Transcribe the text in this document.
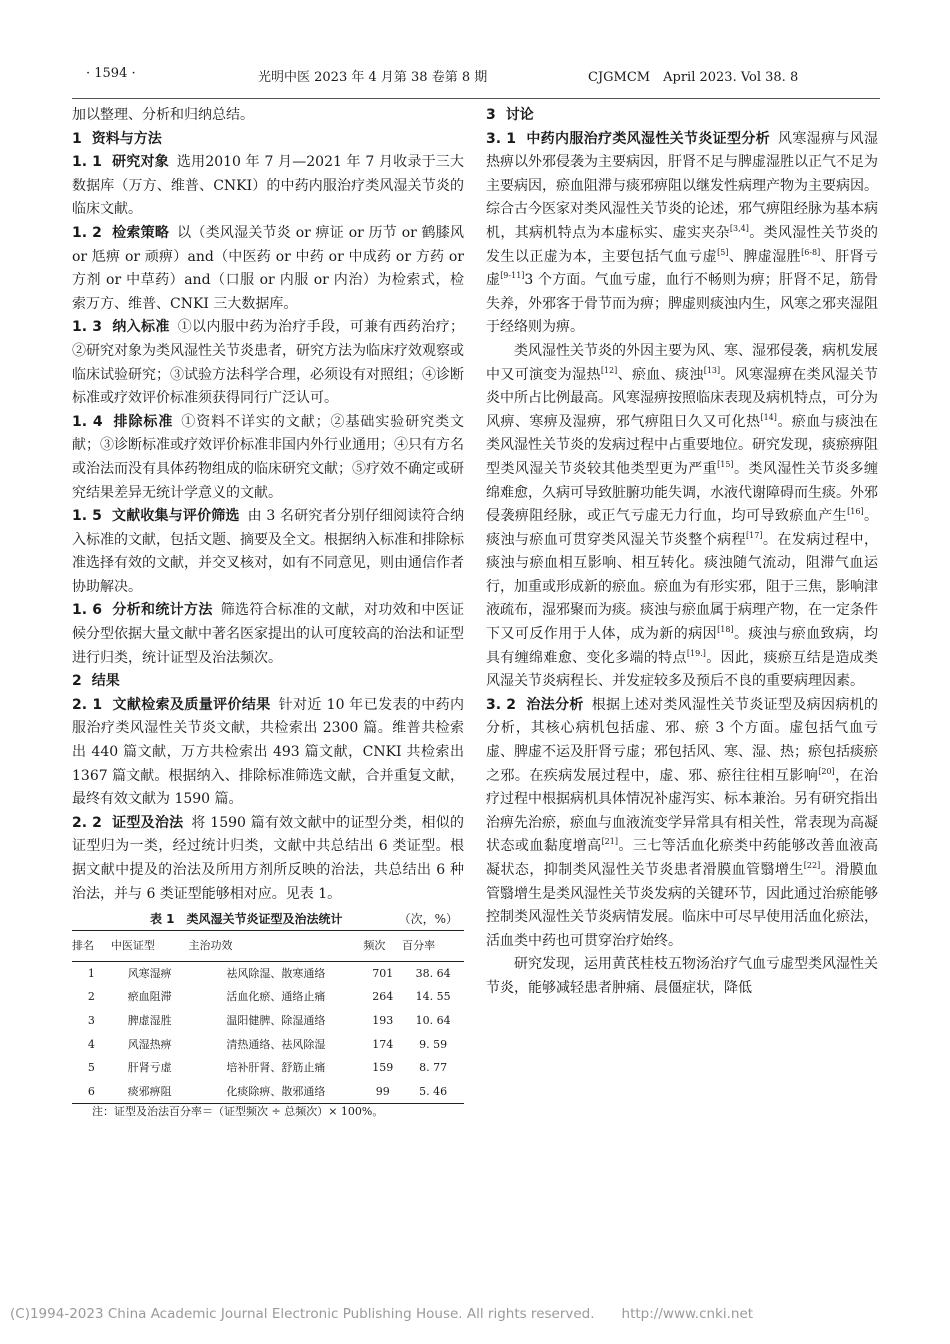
· 1594 ·	光明中医 2023 年 4 月第 38 卷第 8 期	CJGMCM　April 2023. Vol 38. 8

加以整理、分析和归纳总结。

1 资料与方法

1. 1 研究对象 选用2010 年 7 月—2021 年 7 月收录于三大数据库（万方、维普、CNKI）的中药内服治疗类风湿关节炎的临床文献。

1. 2 检索策略 以（类风湿关节炎 or 痹证 or 历节 or 鹤膝风 or 尪痹 or 顽痹）and（中医药 or 中药 or 中成药 or 方药 or 方剂 or 中草药）and（口服 or 内服 or 内治）为检索式，检索万方、维普、CNKI 三大数据库。

1. 3 纳入标准 ①以内服中药为治疗手段，可兼有西药治疗；②研究对象为类风湿性关节炎患者，研究方法为临床疗效观察或临床试验研究；③试验方法科学合理，必须设有对照组；④诊断标准或疗效评价标准须获得同行广泛认可。

1. 4 排除标准 ①资料不详实的文献；②基础实验研究类文献；③诊断标准或疗效评价标准非国内外行业通用；④只有方名或治法而没有具体药物组成的临床研究文献；⑤疗效不确定或研究结果差异无统计学意义的文献。

1. 5 文献收集与评价筛选 由 3 名研究者分别仔细阅读符合纳入标准的文献，包括文题、摘要及全文。根据纳入标准和排除标准选择有效的文献，并交叉核对，如有不同意见，则由通信作者协助解决。

1. 6 分析和统计方法 筛选符合标准的文献，对功效和中医证候分型依据大量文献中著名医家提出的认可度较高的治法和证型进行归类，统计证型及治法频次。

2 结果

2. 1 文献检索及质量评价结果 针对近 10 年已发表的中药内服治疗类风湿性关节炎文献，共检索出 2300 篇。维普共检索出 440 篇文献，万方共检索出 493 篇文献，CNKI 共检索出 1367 篇文献。根据纳入、排除标准筛选文献，合并重复文献，最终有效文献为 1590 篇。

2. 2 证型及治法 将 1590 篇有效文献中的证型分类，相似的证型归为一类，经过统计归类，文献中共总结出 6 类证型。根据文献中提及的治法及所用方剂所反映的治法，共总结出 6 种治法，并与 6 类证型能够相对应。见表 1。

表 1　类风湿关节炎证型及治法统计	（次，%）
排名	中医证型	主治功效	频次	百分率
1	风寒湿痹	祛风除湿、散寒通络	701	38. 64
2	瘀血阻滞	活血化瘀、通络止痛	264	14. 55
3	脾虚湿胜	温阳健脾、除湿通络	193	10. 64
4	风湿热痹	清热通络、祛风除湿	174	9. 59
5	肝肾亏虚	培补肝肾、舒筋止痛	159	8. 77
6	痰邪痹阻	化痰除痹、散邪通络	99	5. 46

注：证型及治法百分率＝（证型频次 ÷ 总频次）× 100%。

3 讨论

3. 1 中药内服治疗类风湿性关节炎证型分析 风寒湿痹与风湿热痹以外邪侵袭为主要病因，肝肾不足与脾虚湿胜以正气不足为主要病因，瘀血阻滞与痰邪痹阻以继发性病理产物为主要病因。综合古今医家对类风湿性关节炎的论述，邪气痹阻经脉为基本病机，其病机特点为本虚标实、虚实夹杂[3,4]。类风湿性关节炎的发生以正虚为本，主要包括气血亏虚[5]、脾虚湿胜[6-8]、肝肾亏虚[9-11]3 个方面。气血亏虚，血行不畅则为痹；肝肾不足，筋骨失养，外邪客于骨节而为痹；脾虚则痰浊内生，风寒之邪夹湿阻于经络则为痹。

类风湿性关节炎的外因主要为风、寒、湿邪侵袭，病机发展中又可演变为湿热[12]、瘀血、痰浊[13]。风寒湿痹在类风湿关节炎中所占比例最高。风寒湿痹按照临床表现及病机特点，可分为风痹、寒痹及湿痹，邪气痹阻日久又可化热[14]。瘀血与痰浊在类风湿性关节炎的发病过程中占重要地位。研究发现，痰瘀痹阻型类风湿关节炎较其他类型更为严重[15]。类风湿性关节炎多缠绵难愈，久病可导致脏腑功能失调，水液代谢障碍而生痰。外邪侵袭痹阻经脉，或正气亏虚无力行血，均可导致瘀血产生[16]。痰浊与瘀血可贯穿类风湿关节炎整个病程[17]。在发病过程中，痰浊与瘀血相互影响、相互转化。痰浊随气流动，阻滞气血运行，加重或形成新的瘀血。瘀血为有形实邪，阻于三焦，影响津液疏布，湿邪聚而为痰。痰浊与瘀血属于病理产物，在一定条件下又可反作用于人体，成为新的病因[18]。痰浊与瘀血致病，均具有缠绵难愈、变化多端的特点[19.]。因此，痰瘀互结是造成类风湿关节炎病程长、并发症较多及预后不良的重要病理因素。

3. 2 治法分析 根据上述对类风湿性关节炎证型及病因病机的分析，其核心病机包括虚、邪、瘀 3 个方面。虚包括气血亏虚、脾虚不运及肝肾亏虚；邪包括风、寒、湿、热；瘀包括痰瘀之邪。在疾病发展过程中，虚、邪、瘀往往相互影响[20]，在治疗过程中根据病机具体情况补虚泻实、标本兼治。另有研究指出治痹先治瘀，瘀血与血液流变学异常具有相关性，常表现为高凝状态或血黏度增高[21]。三七等活血化瘀类中药能够改善血液高凝状态，抑制类风湿性关节炎患者滑膜血管翳增生[22]。滑膜血管翳增生是类风湿性关节炎发病的关键环节，因此通过治瘀能够控制类风湿性关节炎病情发展。临床中可尽早使用活血化瘀法，活血类中药也可贯穿治疗始终。

研究发现，运用黄芪桂枝五物汤治疗气血亏虚型类风湿性关节炎，能够减轻患者肿痛、晨僵症状，降低

(C)1994-2023 China Academic Journal Electronic Publishing House. All rights reserved.　　http://www.cnki.net
